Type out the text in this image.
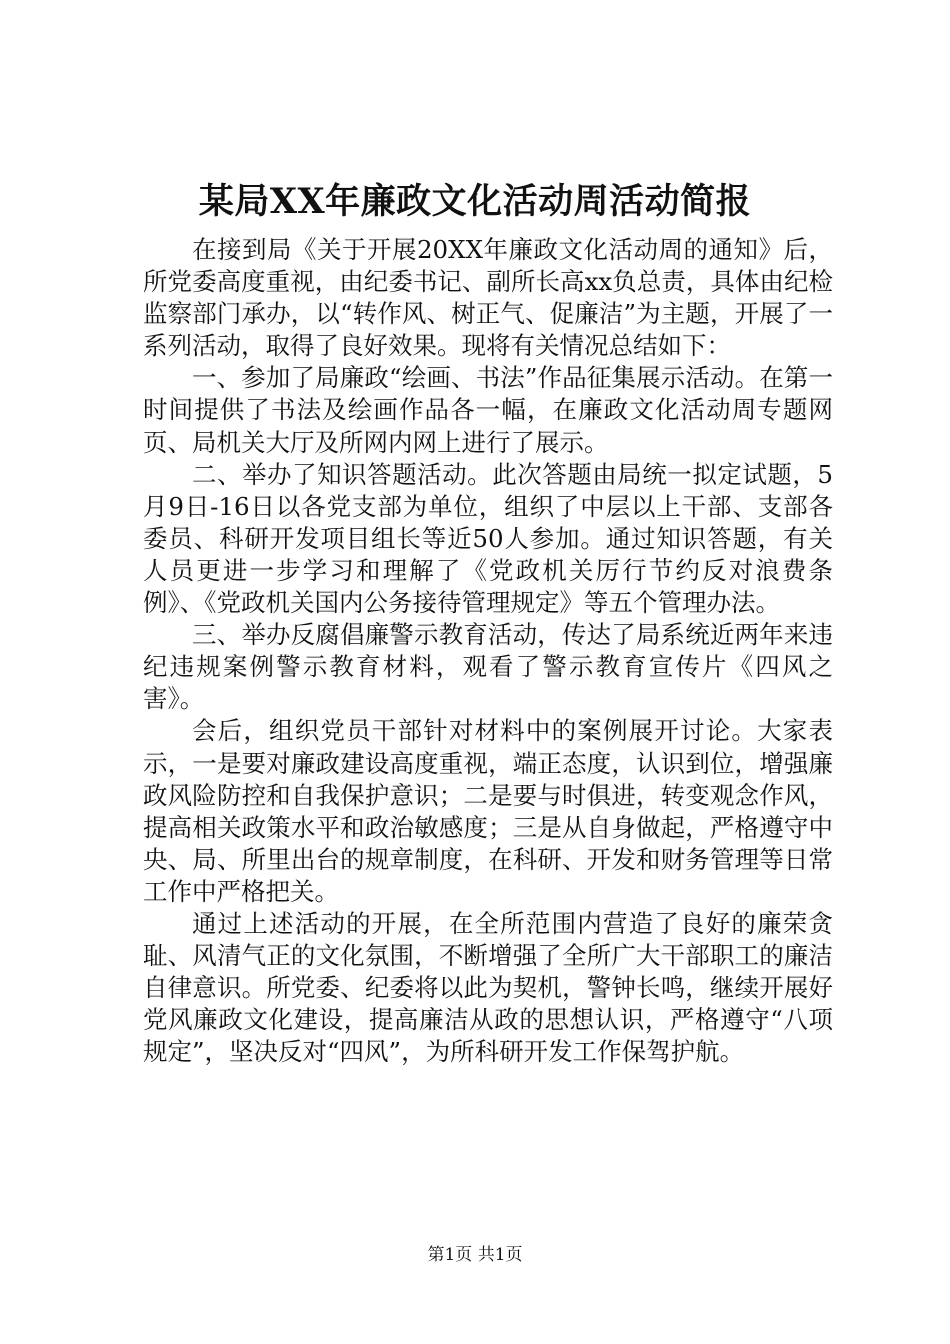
某局XX年廉政文化活动周活动简报

在接到局《关于开展20XX年廉政文化活动周的通知》后，所党委高度重视，由纪委书记、副所长高xx负总责，具体由纪检监察部门承办，以“转作风、树正气、促廉洁”为主题，开展了一系列活动，取得了良好效果。现将有关情况总结如下：

一、参加了局廉政“绘画、书法”作品征集展示活动。在第一时间提供了书法及绘画作品各一幅，在廉政文化活动周专题网页、局机关大厅及所网内网上进行了展示。

二、举办了知识答题活动。此次答题由局统一拟定试题，5月9日-16日以各党支部为单位，组织了中层以上干部、支部各委员、科研开发项目组长等近50人参加。通过知识答题，有关人员更进一步学习和理解了《党政机关厉行节约反对浪费条例》、《党政机关国内公务接待管理规定》等五个管理办法。

三、举办反腐倡廉警示教育活动，传达了局系统近两年来违纪违规案例警示教育材料，观看了警示教育宣传片《四风之害》。

会后，组织党员干部针对材料中的案例展开讨论。大家表示，一是要对廉政建设高度重视，端正态度，认识到位，增强廉政风险防控和自我保护意识；二是要与时俱进，转变观念作风，提高相关政策水平和政治敏感度；三是从自身做起，严格遵守中央、局、所里出台的规章制度，在科研、开发和财务管理等日常工作中严格把关。

通过上述活动的开展，在全所范围内营造了良好的廉荣贪耻、风清气正的文化氛围，不断增强了全所广大干部职工的廉洁自律意识。所党委、纪委将以此为契机，警钟长鸣，继续开展好党风廉政文化建设，提高廉洁从政的思想认识，严格遵守“八项规定”，坚决反对“四风”，为所科研开发工作保驾护航。

第1页 共1页
